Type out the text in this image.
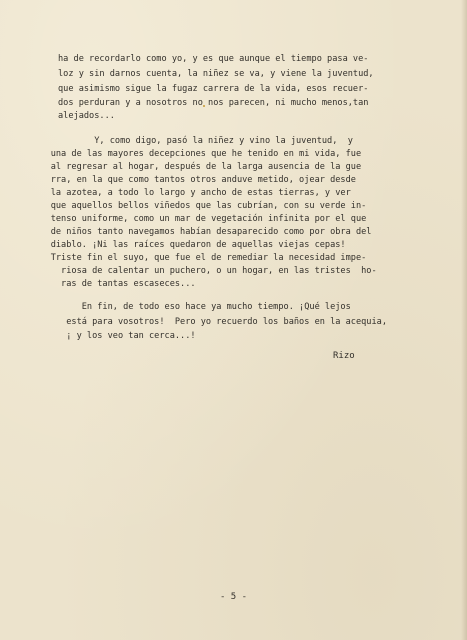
ha de recordarlo como yo, y es que aunque el tiempo pasa ve-
loz y sin darnos cuenta, la niñez se va, y viene la juventud,
que asimismo sigue la fugaz carrera de la vida, esos recuer-
dos perduran y a nosotros no nos parecen, ni mucho menos,tan
alejados...
Y, como digo, pasó la niñez y vino la juventud,  y
una de las mayores decepciones que he tenido en mi vida, fue
al regresar al hogar, después de la larga ausencia de la gue
rra, en la que como tantos otros anduve metido, ojear desde
la azotea, a todo lo largo y ancho de estas tierras, y ver
que aquellos bellos viñedos que las cubrían, con su verde in-
tenso uniforme, como un mar de vegetación infinita por el que
de niños tanto navegamos habían desaparecido como por obra del
diablo. ¡Ni las raíces quedaron de aquellas viejas cepas!
Triste fin el suyo, que fue el de remediar la necesidad impe-
riosa de calentar un puchero, o un hogar, en las tristes  ho-
ras de tantas escaseces...
En fin, de todo eso hace ya mucho tiempo. ¡Qué lejos
está para vosotros!  Pero yo recuerdo los baños en la acequia,
¡ y los veo tan cerca...!
Rizo
- 5 -
